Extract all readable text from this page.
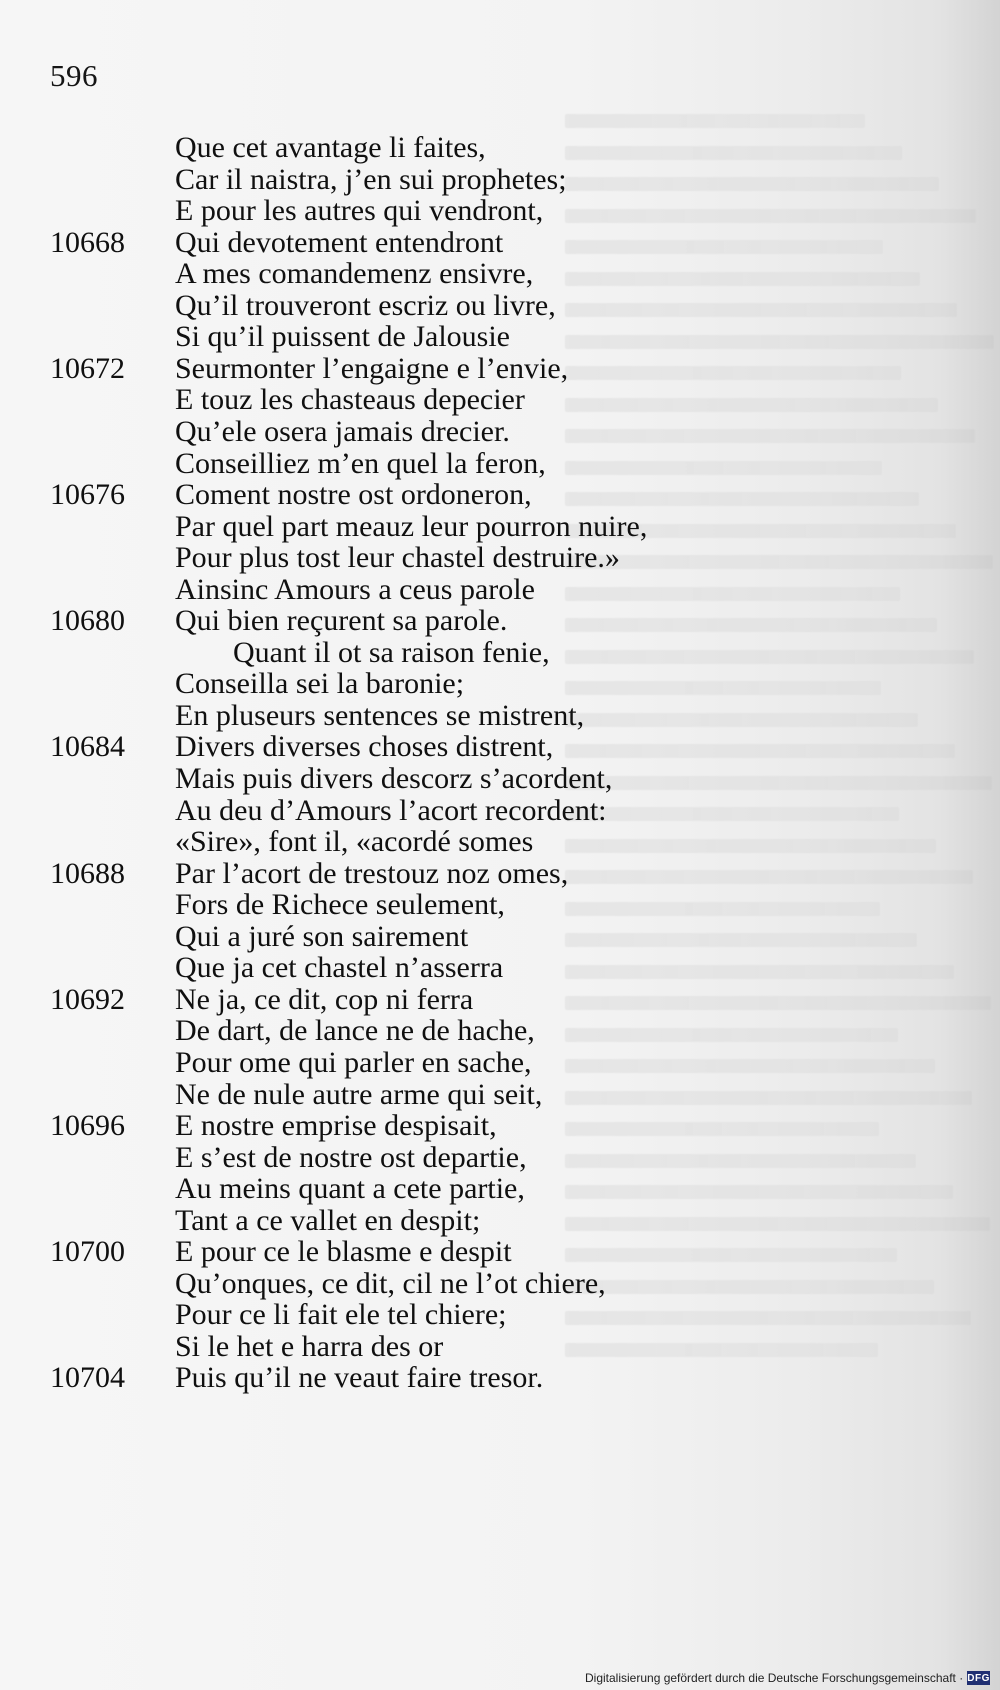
596
Que cet avantage li faites,
Car il naistra, j’en sui prophetes;
E pour les autres qui vendront,
10668	Qui devotement entendront
A mes comandemenz ensivre,
Qu’il trouveront escriz ou livre,
Si qu’il puissent de Jalousie
10672	Seurmonter l’engaigne e l’envie,
E touz les chasteaus depecier
Qu’ele osera jamais drecier.
Conseilliez m’en quel la feron,
10676	Coment nostre ost ordoneron,
Par quel part meauz leur pourron nuire,
Pour plus tost leur chastel destruire.»
Ainsinc Amours a ceus parole
10680	Qui bien reçurent sa parole.
Quant il ot sa raison fenie,
Conseilla sei la baronie;
En pluseurs sentences se mistrent,
10684	Divers diverses choses distrent,
Mais puis divers descorz s’acordent,
Au deu d’Amours l’acort recordent:
«Sire», font il, «acordé somes
10688	Par l’acort de trestouz noz omes,
Fors de Richece seulement,
Qui a juré son sairement
Que ja cet chastel n’asserra
10692	Ne ja, ce dit, cop ni ferra
De dart, de lance ne de hache,
Pour ome qui parler en sache,
Ne de nule autre arme qui seit,
10696	E nostre emprise despisait,
E s’est de nostre ost departie,
Au meins quant a cete partie,
Tant a ce vallet en despit;
10700	E pour ce le blasme e despit
Qu’onques, ce dit, cil ne l’ot chiere,
Pour ce li fait ele tel chiere;
Si le het e harra des or
10704	Puis qu’il ne veaut faire tresor.
Digitalisierung gefördert durch die Deutsche Forschungsgemeinschaft · DFG
